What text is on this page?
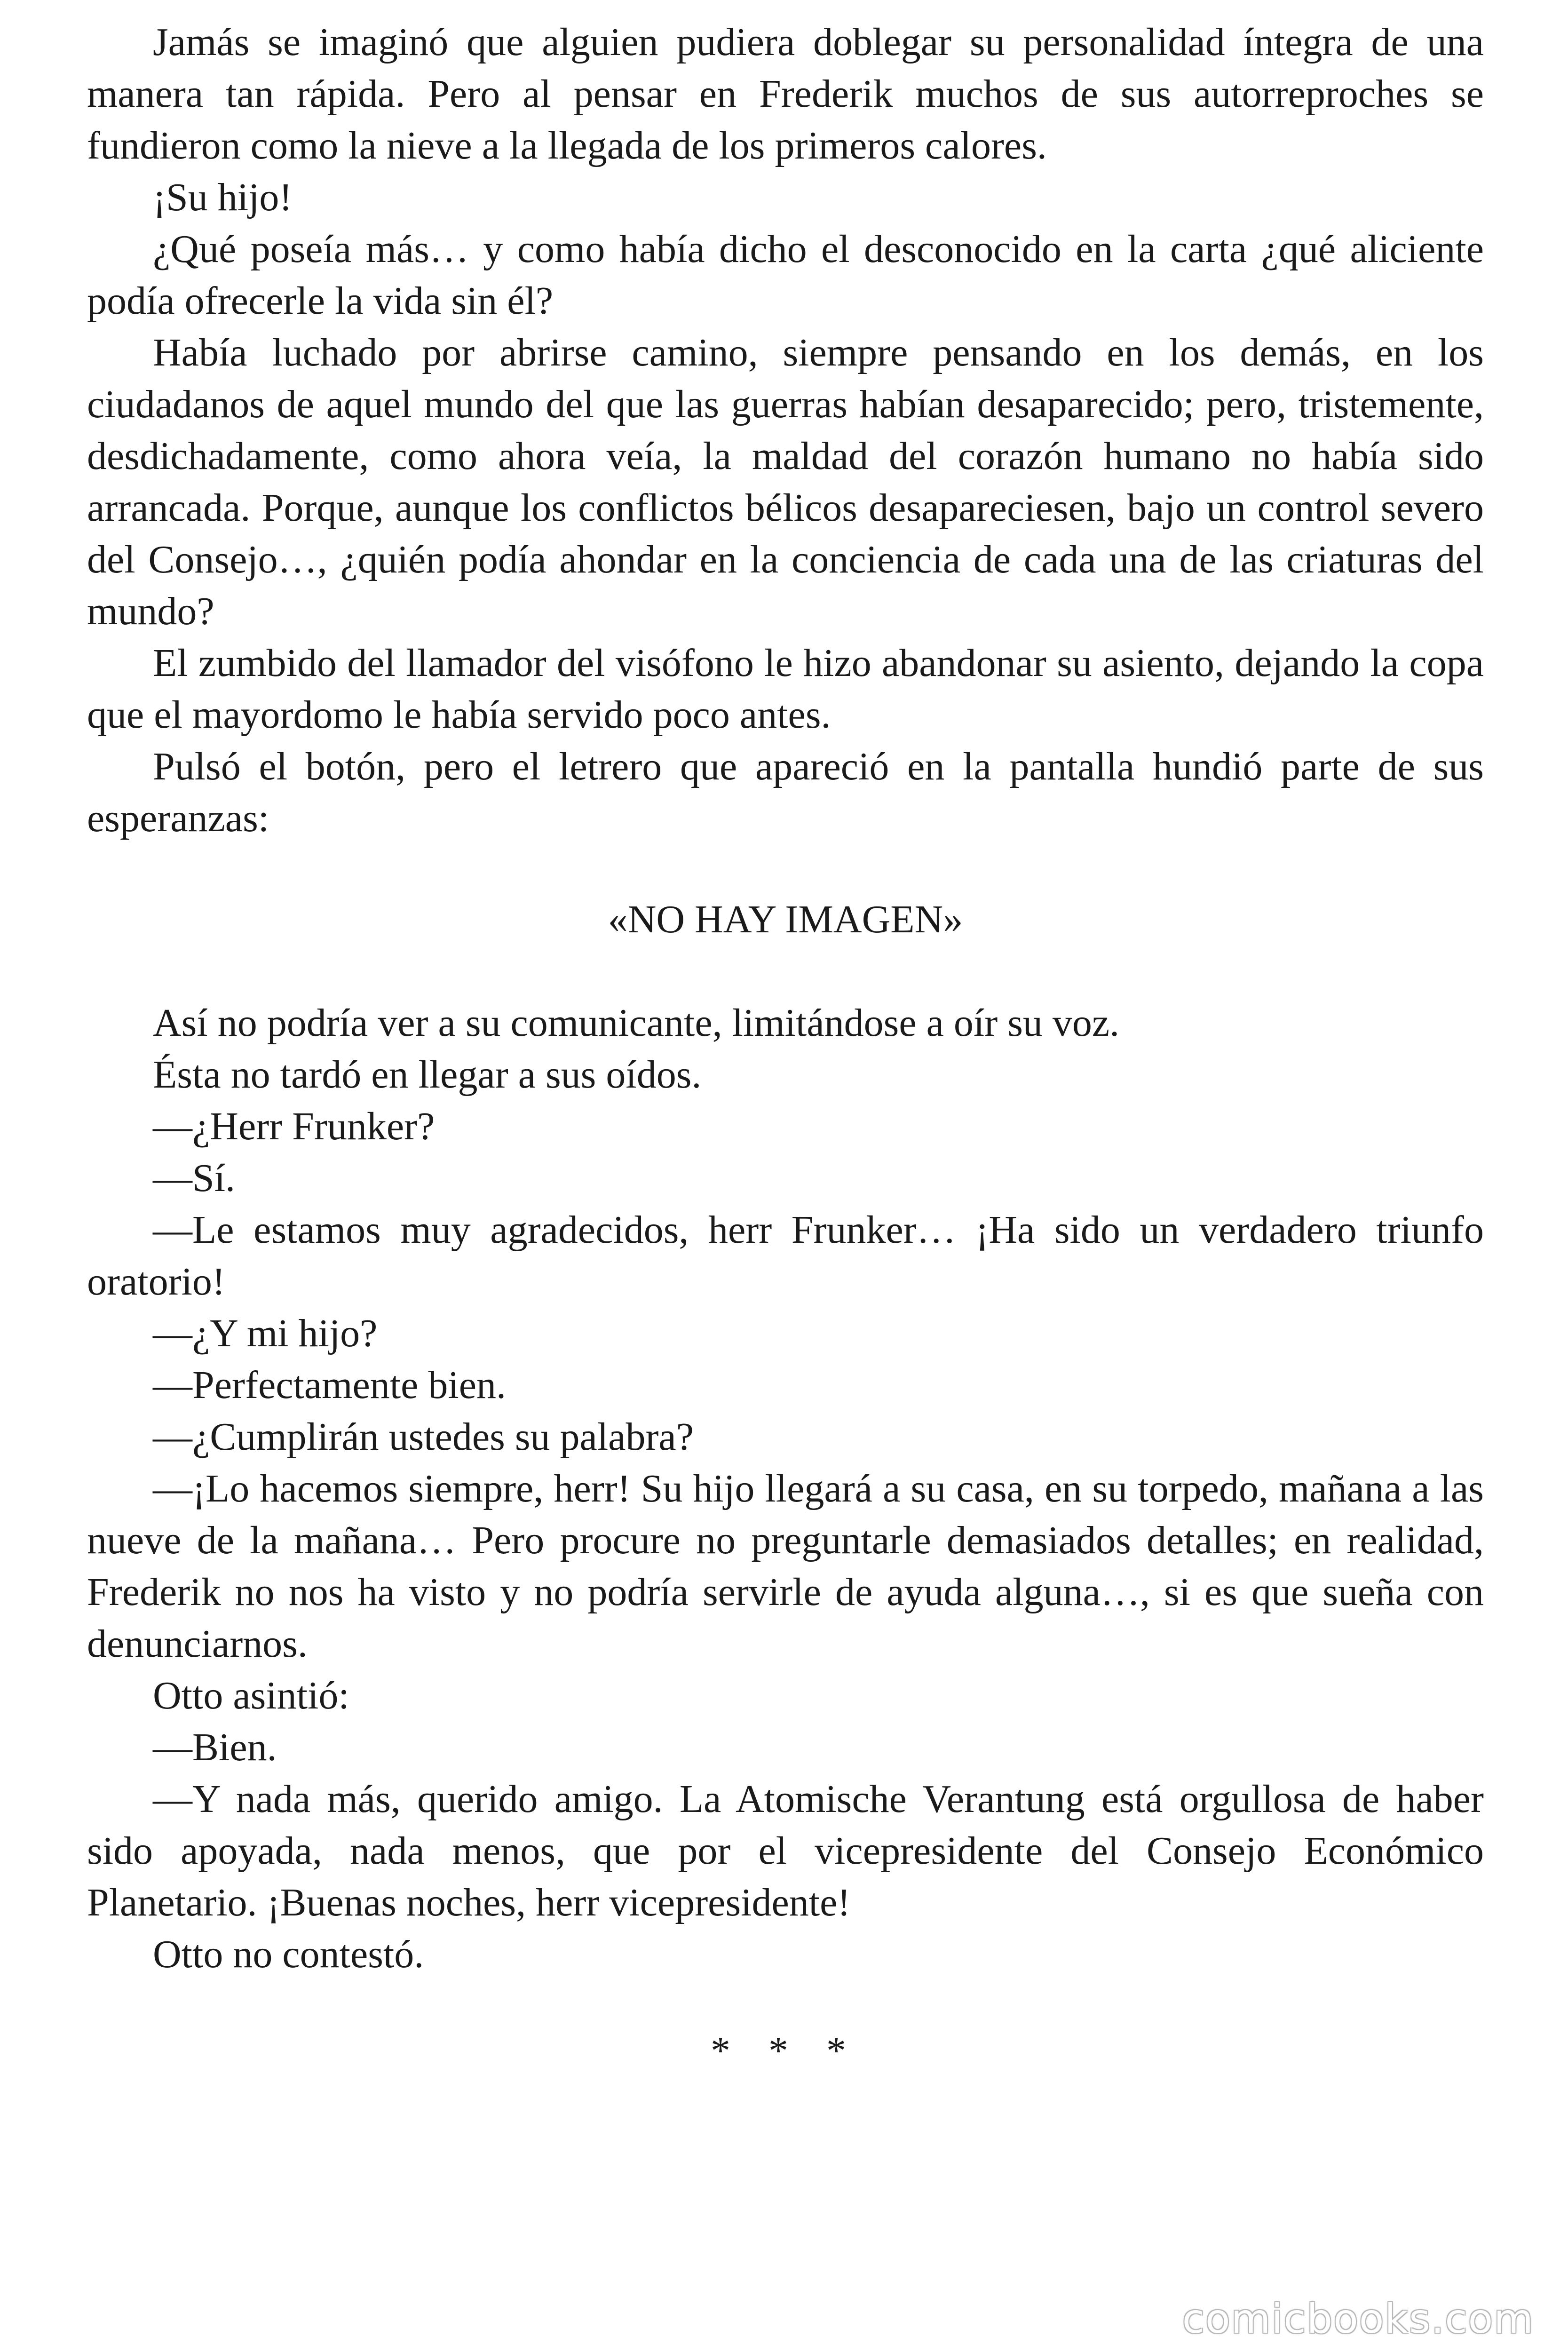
Jamás se imaginó que alguien pudiera doblegar su personalidad íntegra de una manera tan rápida. Pero al pensar en Frederik muchos de sus autorreproches se fundieron como la nieve a la llegada de los primeros calores.

¡Su hijo!

¿Qué poseía más… y como había dicho el desconocido en la carta ¿qué aliciente podía ofrecerle la vida sin él?

Había luchado por abrirse camino, siempre pensando en los demás, en los ciudadanos de aquel mundo del que las guerras habían desaparecido; pero, tristemente, desdichadamente, como ahora veía, la maldad del corazón humano no había sido arrancada. Porque, aunque los conflictos bélicos desapareciesen, bajo un control severo del Consejo…, ¿quién podía ahondar en la conciencia de cada una de las criaturas del mundo?

El zumbido del llamador del visófono le hizo abandonar su asiento, dejando la copa que el mayordomo le había servido poco antes.

Pulsó el botón, pero el letrero que apareció en la pantalla hundió parte de sus esperanzas:

«NO HAY IMAGEN»

Así no podría ver a su comunicante, limitándose a oír su voz.

Ésta no tardó en llegar a sus oídos.

—¿Herr Frunker?

—Sí.

—Le estamos muy agradecidos, herr Frunker… ¡Ha sido un verdadero triunfo oratorio!

—¿Y mi hijo?

—Perfectamente bien.

—¿Cumplirán ustedes su palabra?

—¡Lo hacemos siempre, herr! Su hijo llegará a su casa, en su torpedo, mañana a las nueve de la mañana… Pero procure no preguntarle demasiados detalles; en realidad, Frederik no nos ha visto y no podría servirle de ayuda alguna…, si es que sueña con denunciarnos.

Otto asintió:

—Bien.

—Y nada más, querido amigo. La Atomische Verantung está orgullosa de haber sido apoyada, nada menos, que por el vicepresidente del Consejo Económico Planetario. ¡Buenas noches, herr vicepresidente!

Otto no contestó.

* * *

comicbooks.com
